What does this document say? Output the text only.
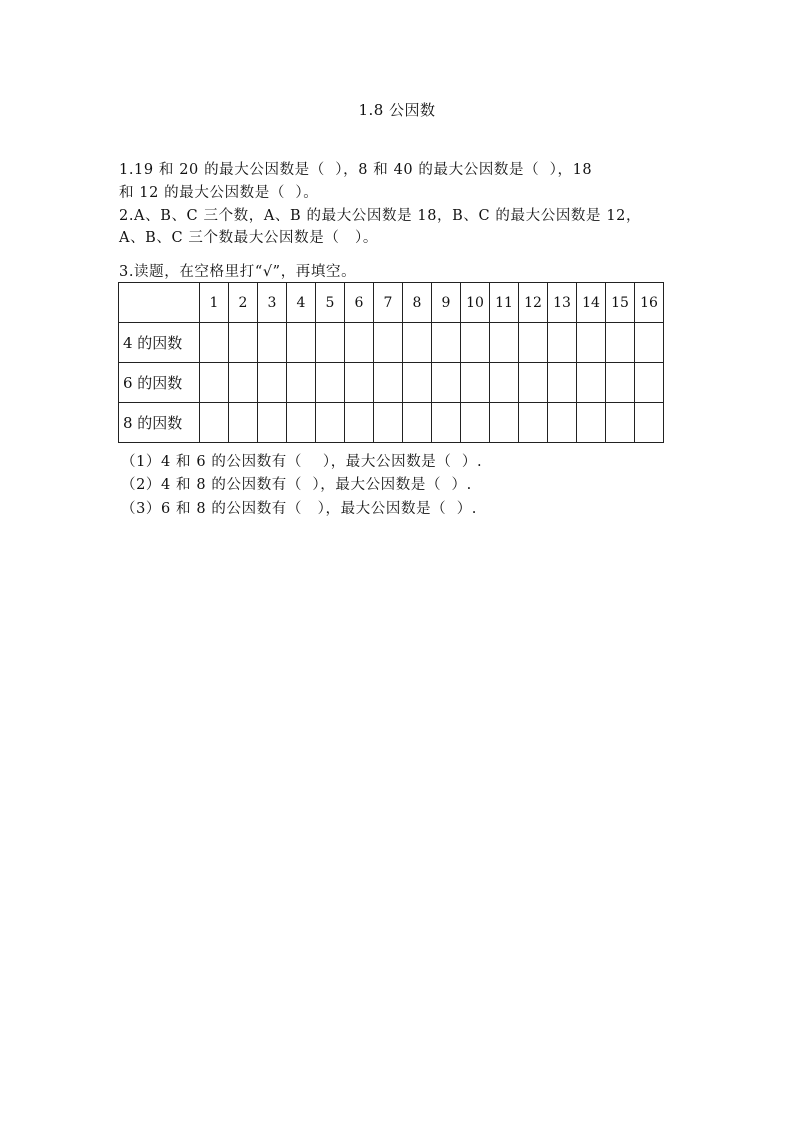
1.8 公因数
1.19 和 20 的最大公因数是（  ），8 和 40 的最大公因数是（  ），18
和 12 的最大公因数是（  ）。
2.A、B、C 三个数，A、B 的最大公因数是 18，B、C 的最大公因数是 12，
A、B、C 三个数最大公因数是（   ）。
3.读题，在空格里打“√”，再填空。
	1	2	3	4	5	6	7	8	9	10	11	12	13	14	15	16
4 的因数																
6 的因数																
8 的因数																
（1）4 和 6 的公因数有（    ），最大公因数是（  ）.
（2）4 和 8 的公因数有（  ），最大公因数是（  ）.
（3）6 和 8 的公因数有（   ），最大公因数是（  ）.
